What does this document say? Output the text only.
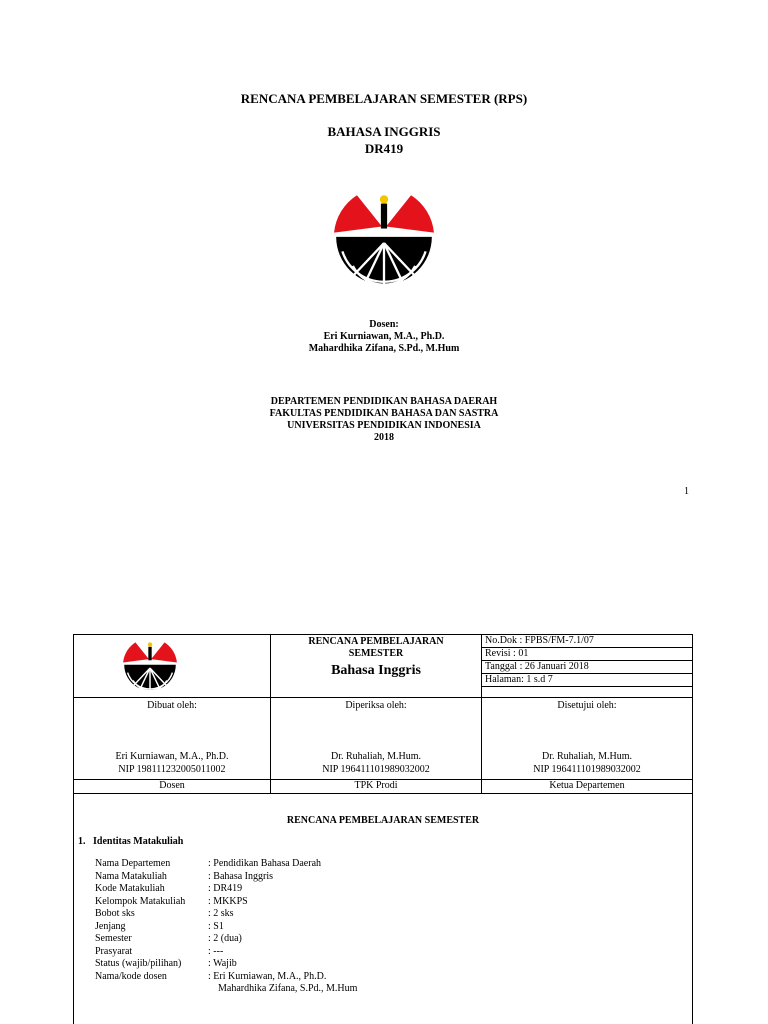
RENCANA PEMBELAJARAN SEMESTER (RPS)
BAHASA INGGRIS
DR419
Dosen:
Eri Kurniawan, M.A., Ph.D.
Mahardhika Zifana, S.Pd., M.Hum
DEPARTEMEN PENDIDIKAN BAHASA DAERAH
FAKULTAS PENDIDIKAN BAHASA DAN SASTRA
UNIVERSITAS PENDIDIKAN INDONESIA
2018
1
RENCANA PEMBELAJARAN
SEMESTER
Bahasa Inggris
No.Dok : FPBS/FM-7.1/07
Revisi : 01
Tanggal : 26 Januari 2018
Halaman: 1 s.d 7
Dibuat oleh:	Diperiksa oleh:	Disetujui oleh:
Eri Kurniawan, M.A., Ph.D.	Dr. Ruhaliah, M.Hum.	Dr. Ruhaliah, M.Hum.
NIP 198111232005011002	NIP 196411101989032002	NIP 196411101989032002
Dosen	TPK Prodi	Ketua Departemen
RENCANA PEMBELAJARAN SEMESTER
1. Identitas Matakuliah
Nama Departemen	: Pendidikan Bahasa Daerah
Nama Matakuliah	: Bahasa Inggris
Kode Matakuliah	: DR419
Kelompok Matakuliah : MKKPS
Bobot sks	: 2 sks
Jenjang	: S1
Semester	: 2 (dua)
Prasyarat	: ---
Status (wajib/pilihan)	: Wajib
Nama/kode dosen	: Eri Kurniawan, M.A., Ph.D.
Mahardhika Zifana, S.Pd., M.Hum
